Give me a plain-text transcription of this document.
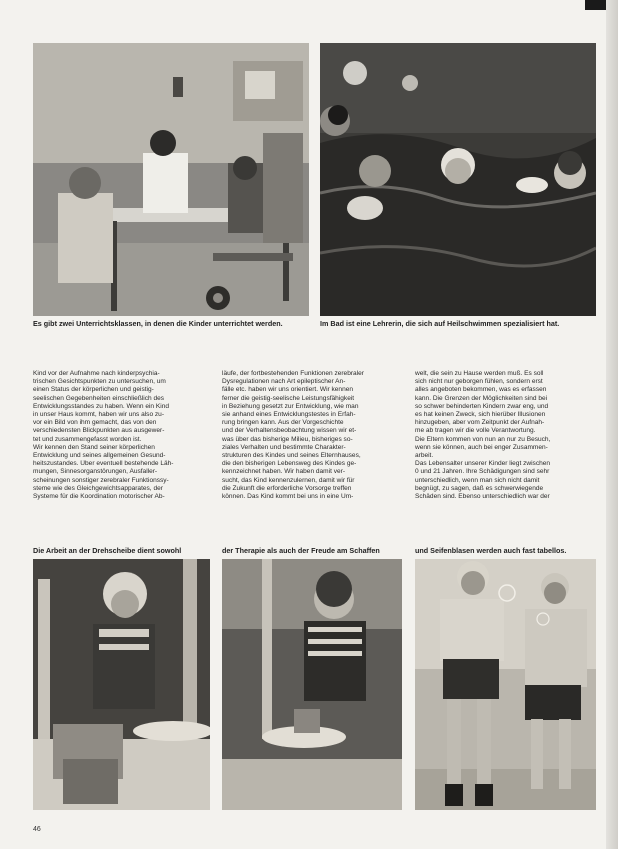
Es gibt zwei Unterrichtsklassen, in denen die Kinder unterrichtet werden.	Im Bad ist eine Lehrerin, die sich auf Heilschwimmen spezialisiert hat.
Kind vor der Aufnahme nach kinderpsychia-
trischen Gesichtspunkten zu untersuchen, um
einen Status der körperlichen und geistig-
seelischen Gegebenheiten einschließlich des
Entwicklungsstandes zu haben. Wenn ein Kind
in unser Haus kommt, haben wir uns also zu-
vor ein Bild von ihm gemacht, das von den
verschiedensten Blickpunkten aus ausgewer-
tet und zusammengefasst worden ist.
Wir kennen den Stand seiner körperlichen
Entwicklung und seines allgemeinen Gesund-
heitszustandes. Über eventuell bestehende Läh-
mungen, Sinnesorganstörungen, Ausfaller-
scheinungen sonstiger zerebraler Funktionssy-
steme wie des Gleichgewichtsapparates, der
Systeme für die Koordination motorischer Ab-
läufe, der fortbestehenden Funktionen zerebraler
Dysregulationen nach Art epileptischer An-
fälle etc. haben wir uns orientiert. Wir kennen
ferner die geistig-seelische Leistungsfähigkeit
in Beziehung gesetzt zur Entwicklung, wie man
sie anhand eines Entwicklungstestes in Erfah-
rung bringen kann. Aus der Vorgeschichte
und der Verhaltensbeobachtung wissen wir et-
was über das bisherige Milieu, bisheriges so-
ziales Verhalten und bestimmte Charakter-
strukturen des Kindes und seines Elternhauses,
die den bisherigen Lebensweg des Kindes ge-
kennzeichnet haben. Wir haben damit ver-
sucht, das Kind kennenzulernen, damit wir für
die Zukunft die erforderliche Vorsorge treffen
können. Das Kind kommt bei uns in eine Um-
welt, die sein zu Hause werden muß. Es soll
sich nicht nur geborgen fühlen, sondern erst
alles angeboten bekommen, was es erfassen
kann. Die Grenzen der Möglichkeiten sind bei
so schwer behinderten Kindern zwar eng, und
es hat keinen Zweck, sich hierüber Illusionen
hinzugeben, aber vom Zeitpunkt der Aufnah-
me ab tragen wir die volle Verantwortung.
Die Eltern kommen von nun an nur zu Besuch,
wenn sie können, auch bei enger Zusammen-
arbeit.
Das Lebensalter unserer Kinder liegt zwischen
0 und 21 Jahren. Ihre Schädigungen sind sehr
unterschiedlich, wenn man sich nicht damit
begnügt, zu sagen, daß es schwerwiegende
Schäden sind. Ebenso unterschiedlich war der
Die Arbeit an der Drehscheibe dient sowohl	der Therapie als auch der Freude am Schaffen	und Seifenblasen werden auch fast tabellos.
46
